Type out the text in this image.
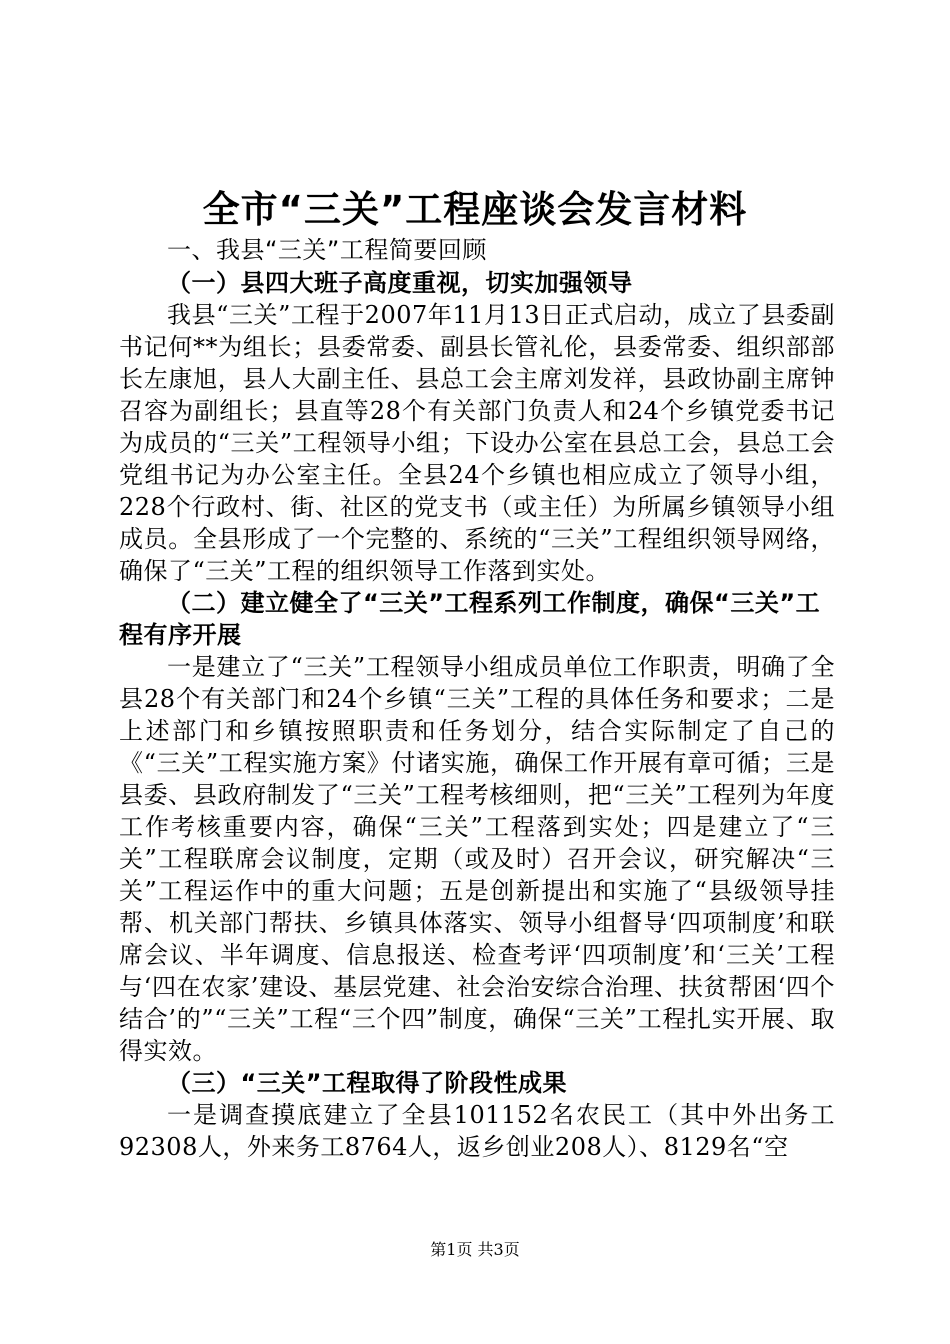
全市“三关”工程座谈会发言材料

一、我县“三关”工程简要回顾

（一）县四大班子高度重视，切实加强领导

我县“三关”工程于2007年11月13日正式启动，成立了县委副书记何**为组长；县委常委、副县长管礼伦，县委常委、组织部部长左康旭，县人大副主任、县总工会主席刘发祥，县政协副主席钟召容为副组长；县直等28个有关部门负责人和24个乡镇党委书记为成员的“三关”工程领导小组；下设办公室在县总工会，县总工会党组书记为办公室主任。全县24个乡镇也相应成立了领导小组，228个行政村、街、社区的党支书（或主任）为所属乡镇领导小组成员。全县形成了一个完整的、系统的“三关”工程组织领导网络，确保了“三关”工程的组织领导工作落到实处。

（二）建立健全了“三关”工程系列工作制度，确保“三关”工程有序开展

一是建立了“三关”工程领导小组成员单位工作职责，明确了全县28个有关部门和24个乡镇“三关”工程的具体任务和要求；二是上述部门和乡镇按照职责和任务划分，结合实际制定了自己的《“三关”工程实施方案》付诸实施，确保工作开展有章可循；三是县委、县政府制发了“三关”工程考核细则，把“三关”工程列为年度工作考核重要内容，确保“三关”工程落到实处；四是建立了“三关”工程联席会议制度，定期（或及时）召开会议，研究解决“三关”工程运作中的重大问题；五是创新提出和实施了“县级领导挂帮、机关部门帮扶、乡镇具体落实、领导小组督导‘四项制度’和联席会议、半年调度、信息报送、检查考评‘四项制度’和‘三关’工程与‘四在农家’建设、基层党建、社会治安综合治理、扶贫帮困‘四个结合’的”“三关”工程“三个四”制度，确保“三关”工程扎实开展、取得实效。

（三）“三关”工程取得了阶段性成果

一是调查摸底建立了全县101152名农民工（其中外出务工92308人，外来务工8764人，返乡创业208人）、8129名“空

第1页 共3页
